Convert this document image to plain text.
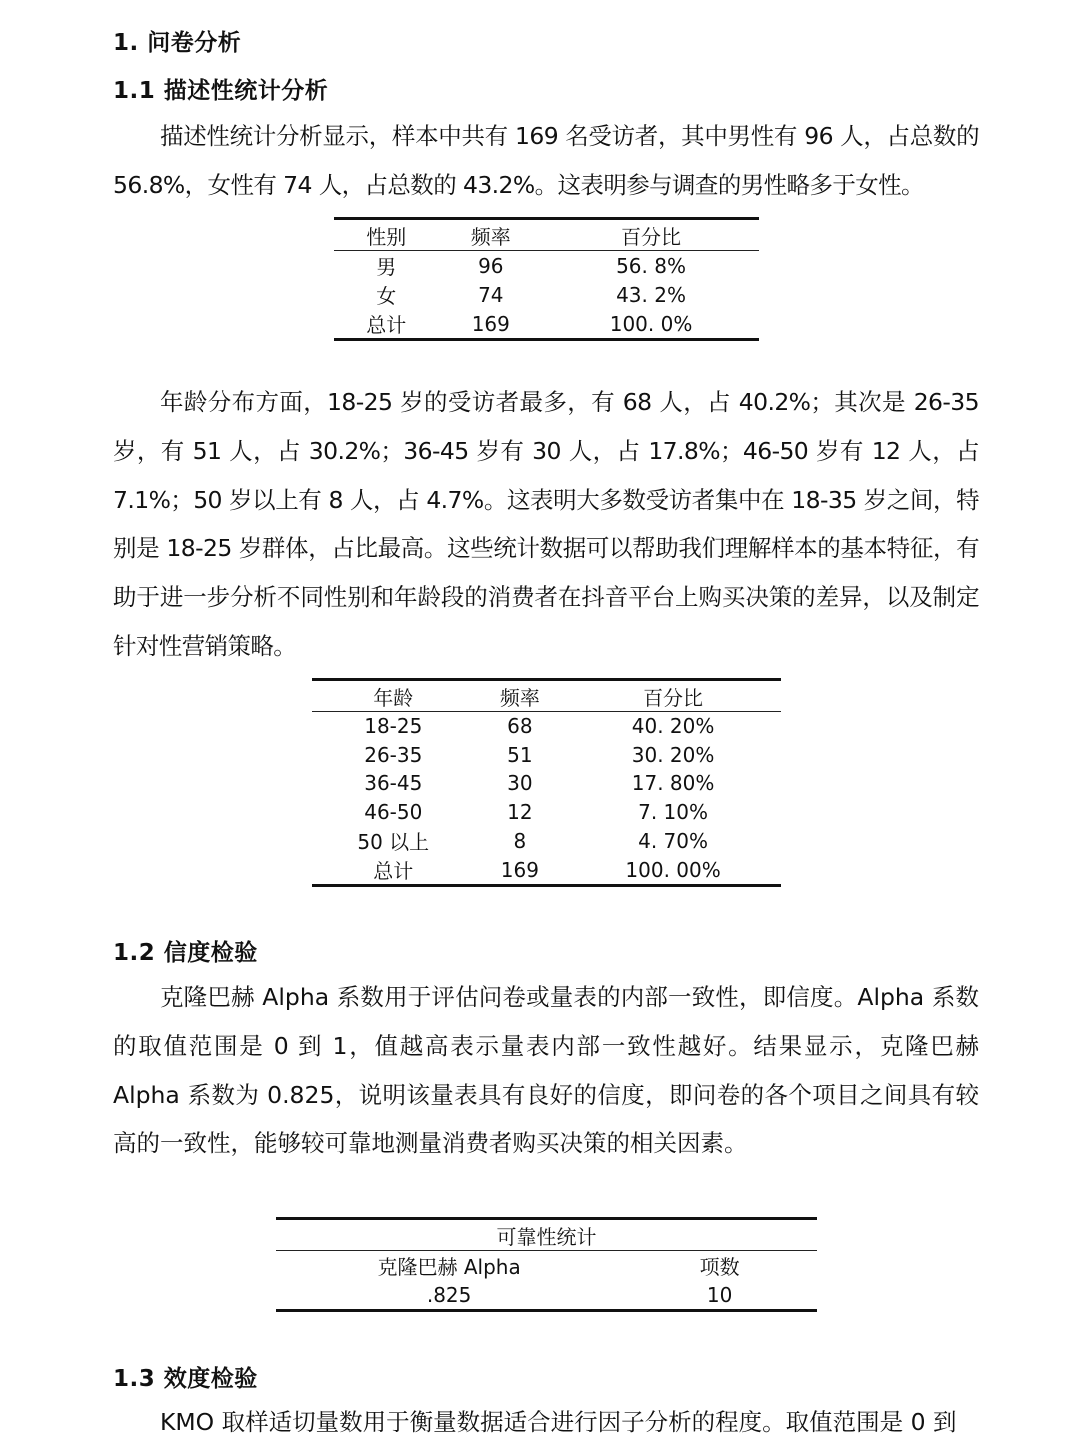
1. 问卷分析
1.1 描述性统计分析

描述性统计分析显示，样本中共有 169 名受访者，其中男性有 96 人，占总数的 56.8%，女性有 74 人，占总数的 43.2%。这表明参与调查的男性略多于女性。

性别	频率	百分比
男	96	56. 8%
女	74	43. 2%
总计	169	100. 0%

年龄分布方面，18-25 岁的受访者最多，有 68 人，占 40.2%；其次是 26-35 岁，有 51 人，占 30.2%；36-45 岁有 30 人，占 17.8%；46-50 岁有 12 人，占 7.1%；50 岁以上有 8 人，占 4.7%。这表明大多数受访者集中在 18-35 岁之间，特别是 18-25 岁群体，占比最高。这些统计数据可以帮助我们理解样本的基本特征，有助于进一步分析不同性别和年龄段的消费者在抖音平台上购买决策的差异，以及制定针对性营销策略。

年龄	频率	百分比
18-25	68	40. 20%
26-35	51	30. 20%
36-45	30	17. 80%
46-50	12	7. 10%
50 以上	8	4. 70%
总计	169	100. 00%
1.2 信度检验

克隆巴赫 Alpha 系数用于评估问卷或量表的内部一致性，即信度。Alpha 系数的取值范围是 0 到 1，值越高表示量表内部一致性越好。结果显示，克隆巴赫 Alpha 系数为 0.825，说明该量表具有良好的信度，即问卷的各个项目之间具有较高的一致性，能够较可靠地测量消费者购买决策的相关因素。

可靠性统计	
克隆巴赫 Alpha	项数
.825	10
1.3 效度检验

KMO 取样适切量数用于衡量数据适合进行因子分析的程度。取值范围是 0 到
